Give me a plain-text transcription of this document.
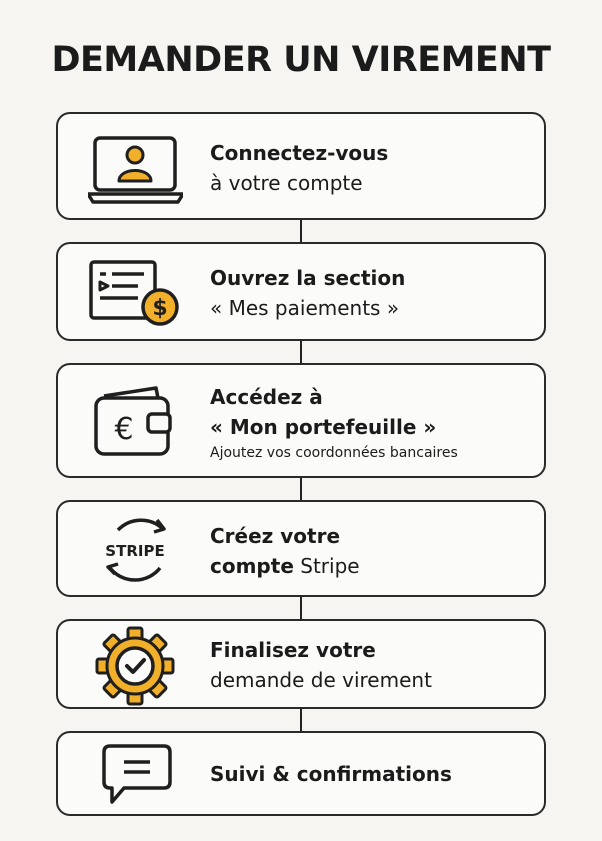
DEMANDER UN VIREMENT
Connectez-vous
à votre compte
$
Ouvrez la section
« Mes paiements »
€
Accédez à
« Mon portefeuille »
Ajoutez vos coordonnées bancaires
STRIPE
Créez votre
compte Stripe
Finalisez votre
demande de virement
Suivi & confirmations
